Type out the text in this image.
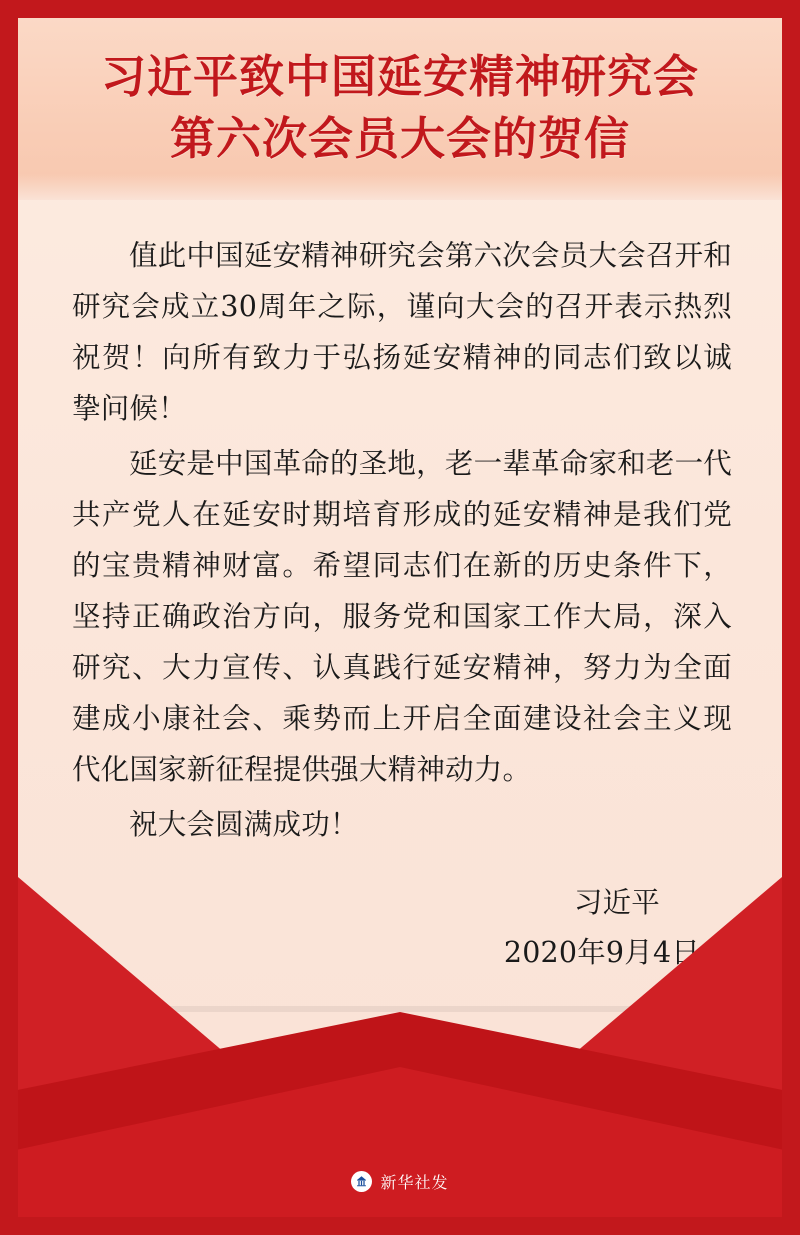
习近平致中国延安精神研究会
第六次会员大会的贺信

值此中国延安精神研究会第六次会员大会召开和研究会成立30周年之际，谨向大会的召开表示热烈祝贺！向所有致力于弘扬延安精神的同志们致以诚挚问候！

延安是中国革命的圣地，老一辈革命家和老一代共产党人在延安时期培育形成的延安精神是我们党的宝贵精神财富。希望同志们在新的历史条件下，坚持正确政治方向，服务党和国家工作大局，深入研究、大力宣传、认真践行延安精神，努力为全面建成小康社会、乘势而上开启全面建设社会主义现代化国家新征程提供强大精神动力。

祝大会圆满成功！

习近平
2020年9月4日
新华社发
